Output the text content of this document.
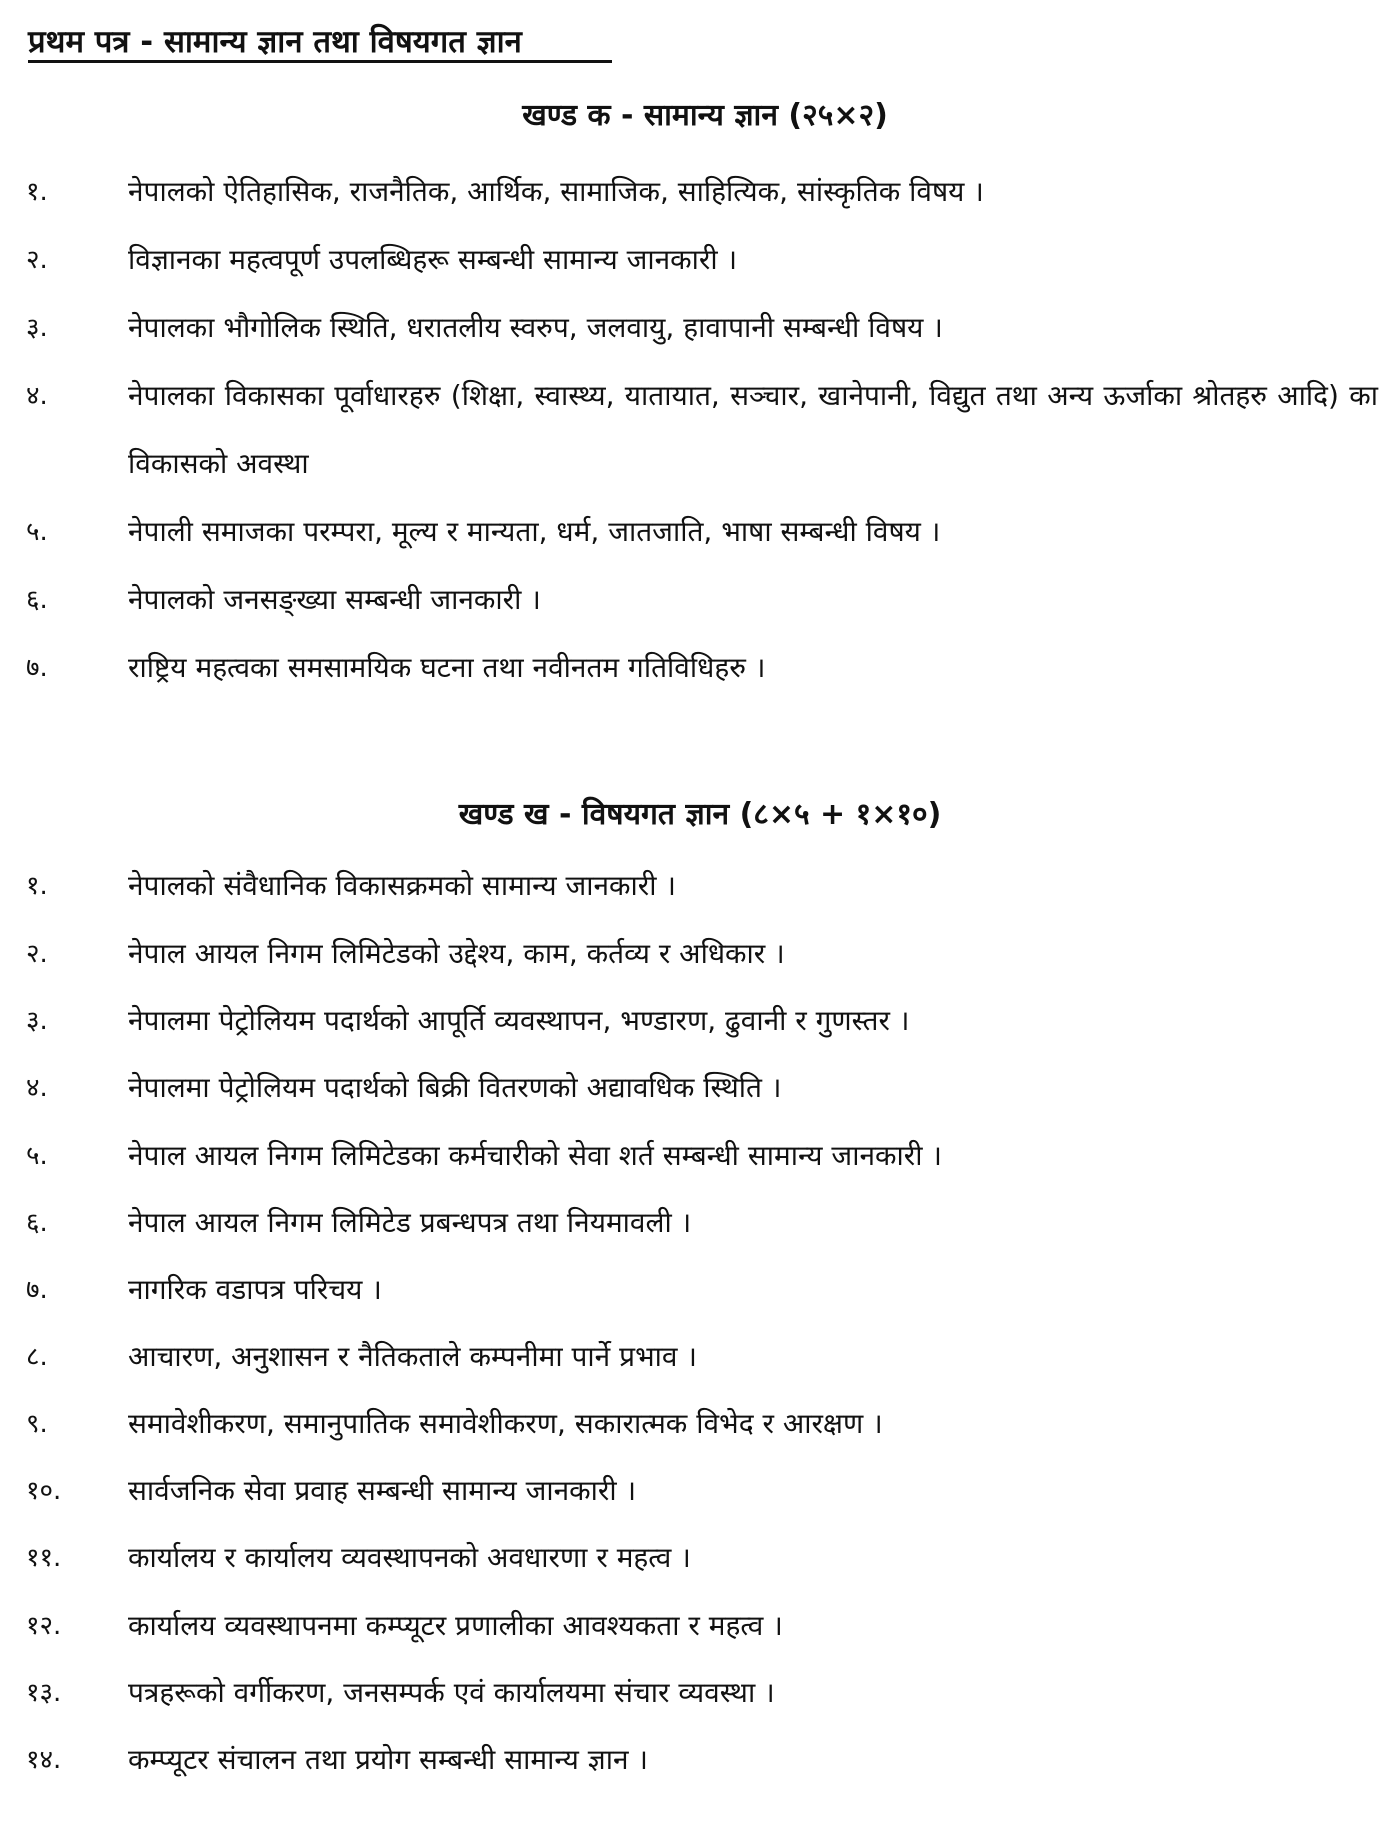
प्रथम पत्र - सामान्य ज्ञान तथा विषयगत ज्ञान
खण्ड क - सामान्य ज्ञान (२५×२)
१.	नेपालको ऐतिहासिक, राजनैतिक, आर्थिक, सामाजिक, साहित्यिक, सांस्कृतिक विषय ।
२.	विज्ञानका महत्वपूर्ण उपलब्धिहरू सम्बन्धी सामान्य जानकारी ।
३.	नेपालका भौगोलिक स्थिति, धरातलीय स्वरुप, जलवायु, हावापानी सम्बन्धी विषय ।
४.	नेपालका विकासका पूर्वाधारहरु (शिक्षा, स्वास्थ्य, यातायात, सञ्चार, खानेपानी, विद्युत तथा अन्य ऊर्जाका श्रोतहरु आदि) का विकासको अवस्था
५.	नेपाली समाजका परम्परा, मूल्य र मान्यता, धर्म, जातजाति, भाषा सम्बन्धी विषय ।
६.	नेपालको जनसङ्ख्या सम्बन्धी जानकारी ।
७.	राष्ट्रिय महत्वका समसामयिक घटना तथा नवीनतम गतिविधिहरु ।
खण्ड ख - विषयगत ज्ञान (८×५ + १×१०)
१.	नेपालको संवैधानिक विकासक्रमको सामान्य जानकारी ।
२.	नेपाल आयल निगम लिमिटेडको उद्देश्य, काम, कर्तव्य र अधिकार ।
३.	नेपालमा पेट्रोलियम पदार्थको आपूर्ति व्यवस्थापन, भण्डारण, ढुवानी र गुणस्तर ।
४.	नेपालमा पेट्रोलियम पदार्थको बिक्री वितरणको अद्यावधिक स्थिति ।
५.	नेपाल आयल निगम लिमिटेडका कर्मचारीको सेवा शर्त सम्बन्धी सामान्य जानकारी ।
६.	नेपाल आयल निगम लिमिटेड प्रबन्धपत्र तथा नियमावली ।
७.	नागरिक वडापत्र परिचय ।
८.	आचारण, अनुशासन र नैतिकताले कम्पनीमा पार्ने प्रभाव ।
९.	समावेशीकरण, समानुपातिक समावेशीकरण, सकारात्मक विभेद र आरक्षण ।
१०. सार्वजनिक सेवा प्रवाह सम्बन्धी सामान्य जानकारी ।
११. कार्यालय र कार्यालय व्यवस्थापनको अवधारणा र महत्व ।
१२. कार्यालय व्यवस्थापनमा कम्प्यूटर प्रणालीका आवश्यकता र महत्व ।
१३. पत्रहरूको वर्गीकरण, जनसम्पर्क एवं कार्यालयमा संचार व्यवस्था ।
१४. कम्प्यूटर संचालन तथा प्रयोग सम्बन्धी सामान्य ज्ञान ।
